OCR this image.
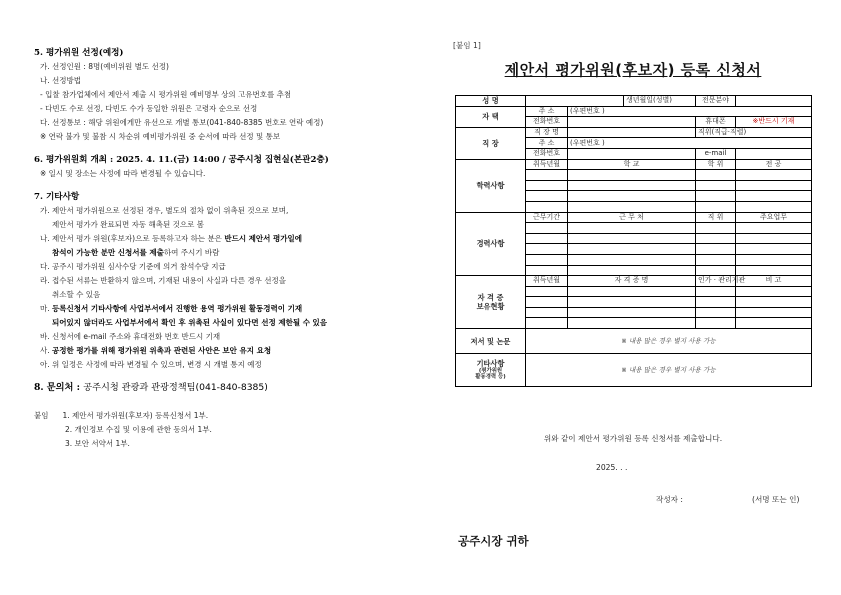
5. 평가위원 선정(예정)
가. 선정인원 : 8명(예비위원 별도 선정)
나. 선정방법
- 입찰 참가업체에서 제안서 제출 시 평가위원 예비명부 상의 고유번호를 추첨
- 다빈도 수로 선정, 다빈도 수가 동일한 위원은 고령자 순으로 선정
다. 선정통보 : 해당 위원에게만 유선으로 개별 통보(041-840-8385 번호로 연락 예정)
※ 연락 불가 및 불참 시 차순위 예비평가위원 중 순서에 따라 선정 및 통보
6. 평가위원회 개최 : 2025. 4. 11.(금) 14:00 / 공주시청 집현실(본관2층)
※ 일시 및 장소는 사정에 따라 변경될 수 있습니다.
7. 기타사항
가. 제안서 평가위원으로 선정된 경우, 별도의 절차 없이 위촉된 것으로 보며,
제안서 평가가 완료되면 자동 해촉된 것으로 봄
나. 제안서 평가 위원(후보자)으로 등록하고자 하는 분은 반드시 제안서 평가일에
참석이 가능한 분만 신청서를 제출하여 주시기 바람
다. 공주시 평가위원 심사수당 기준에 의거 참석수당 지급
라. 접수된 서류는 반환하지 않으며, 기재된 내용이 사실과 다른 경우 선정을
취소할 수 있음
마. 등록신청서 기타사항에 사업부서에서 진행한 용역 평가위원 활동경력이 기재
되어있지 않더라도 사업부서에서 확인 후 위촉된 사실이 있다면 선정 제한될 수 있음
바. 신청서에 e-mail 주소와 휴대전화 번호 반드시 기재
사. 공정한 평가를 위해 평가위원 위촉과 관련된 사안은 보안 유지 요청
아. 위 일정은 사정에 따라 변경될 수 있으며, 변경 시 개별 통지 예정
8. 문의처 : 공주시청 관광과 관광정책팀(041-840-8385)
붙임 1. 제안서 평가위원(후보자) 등록신청서 1부.
2. 개인정보 수집 및 이용에 관한 동의서 1부.
3. 보안 서약서 1부.
[붙임 1]
제안서 평가위원(후보자) 등록 신청서
성 명			생년월일(성별)	전문분야	
자 택	주 소	(우편번호 )			
	전화번호			휴대폰	※반드시 기재
직 장	직 장 명			직위(직급·직렬)	
	주 소	(우편번호 )			
	전화번호			e-mail	
학력사항	취득년월	학 교		학 위	전 공

경력사항	근무기간	근 무 처		직 위	주요업무

자 격 증
보유현황	취득년월	자 격 증 명		인가 · 관리기관	비 고

저서 및 논문	※ 내용 많은 경우 별지 사용 가능				
기타사항
(평가위원
활동경력 등)	※ 내용 많은 경우 별지 사용 가능				
위와 같이 제안서 평가위원 등록 신청서를 제출합니다.
2025. . .
작성자 :	(서명 또는 인)
공주시장 귀하
